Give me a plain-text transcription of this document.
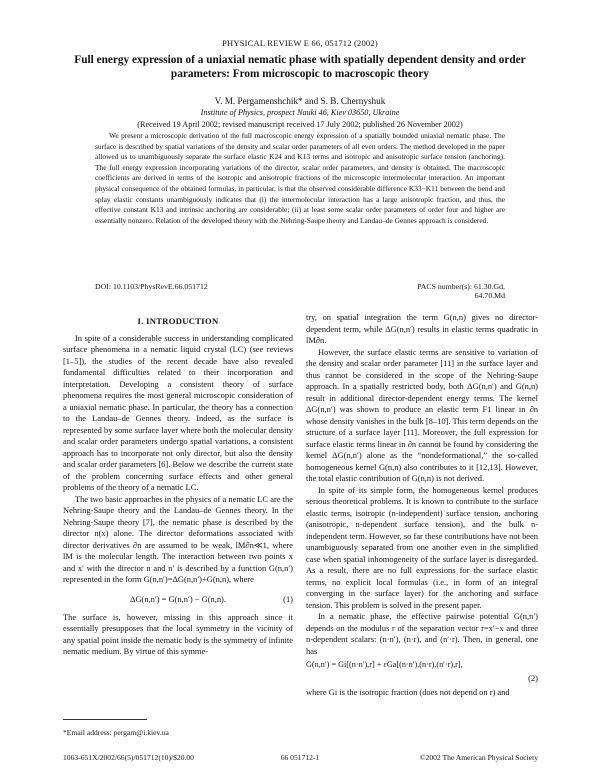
PHYSICAL REVIEW E 66, 051712 (2002)
Full energy expression of a uniaxial nematic phase with spatially dependent density and order parameters: From microscopic to macroscopic theory
V. M. Pergamenshchik* and S. B. Chernyshuk
Institute of Physics, prospect Nauki 46, Kiev 03650, Ukraine
(Received 19 April 2002; revised manuscript received 17 July 2002; published 26 November 2002)

We present a microscopic derivation of the full macroscopic energy expression of a spatially bounded uniaxial nematic phase. The surface is described by spatial variations of the density and scalar order parameters of all even orders. The method developed in the paper allowed us to unambiguously separate the surface elastic K24 and K13 terms and isotropic and anisotropic surface tension (anchoring). The full energy expression incorporating variations of the director, scalar order parameters, and density is obtained. The macroscopic coefficients are derived in terms of the isotropic and anisotropic fractions of the microscopic intermolecular interaction. An important physical consequence of the obtained formulas, in particular, is that the observed considerable difference K33−K11 between the bend and splay elastic constants unambiguously indicates that (i) the intermolecular interaction has a large anisotropic fraction, and thus, the effective constant K13 and intrinsic anchoring are considerable; (ii) at least some scalar order parameters of order four and higher are essentially nonzero. Relation of the developed theory with the Nehring-Saupe theory and Landau–de Gennes approach is considered.

DOI: 10.1103/PhysRevE.66.051712	PACS number(s): 61.30.Gd, 64.70.Md
I. INTRODUCTION

In spite of a considerable success in understanding complicated surface phenomena in a nematic liquid crystal (LC) (see reviews [1–5]), the studies of the recent decade have also revealed fundamental difficulties related to their incorporation and interpretation. Developing a consistent theory of surface phenomena requires the most general microscopic consideration of a uniaxial nematic phase. In particular, the theory has a connection to the Landau–de Gennes theory. Indeed, as the surface is represented by some surface layer where both the molecular density and scalar order parameters undergo spatial variations, a consistent approach has to incorporate not only director, but also the density and scalar order parameters [6]. Below we describe the current state of the problem concerning surface effects and other general problems of the theory of a nematic LC.

The two basic approaches in the physics of a nematic LC are the Nehring-Saupe theory and the Landau–de Gennes theory. In the Nehring-Saupe theory [7], the nematic phase is described by the director n(x) alone. The director deformations associated with director derivatives ∂n are assumed to be weak, lM∂n≪1, where lM is the molecular length. The interaction between two points x and x′ with the director n and n′ is described by a function G(n,n′) represented in the form G(n,n′)=ΔG(n,n′)+G(n,n), where

ΔG(n,n′) = G(n,n′) − G(n,n).	(1)

The surface is, however, missing in this approach since it essentially presupposes that the local symmetry in the vicinity of any spatial point inside the nematic body is the symmetry of infinite nematic medium. By virtue of this symme-

try, on spatial integration the term G(n,n) gives no director-dependent term, while ΔG(n,n′) results in elastic terms quadratic in lM∂n.

However, the surface elastic terms are sensitive to variation of the density and scalar order parameter [11] in the surface layer and thus cannot be considered in the scope of the Nehring-Saupe approach. In a spatially restricted body, both ΔG(n,n′) and G(n,n) result in additional director-dependent energy terms. The kernel ΔG(n,n′) was shown to produce an elastic term F1 linear in ∂n whose density vanishes in the bulk [8–10]. This term depends on the structure of a surface layer [11]. Moreover, the full expression for surface elastic terms linear in ∂n cannot be found by considering the kernel ΔG(n,n′) alone as the “nondeformational,” the so-called homogeneous kernel G(n,n) also contributes to it [12,13]. However, the total elastic contribution of G(n,n) is not derived.

In spite of its simple form, the homogeneous kernel produces serious theoretical problems. It is known to contribute to the surface elastic terms, isotropic (n-independent) surface tension, anchoring (anisotropic, n-dependent surface tension), and the bulk n-independent term. However, so far these contributions have not been unambiguously separated from one another even in the simplified case when spatial inhomogeneity of the surface layer is disregarded. As a result, there are no full expressions for the surface elastic terms, no explicit local formulas (i.e., in form of an integral converging in the surface layer) for the anchoring and surface tension. This problem is solved in the present paper.

In a nematic phase, the effective pairwise potential G(n,n′) depends on the modulus r of the separation vector r=x′−x and three n-dependent scalars: (n·n′), (n·r), and (n′·r). Then, in general, one has

G(n,n′) = Gi[(n·n′),r] + εGa[(n·n′),(n·r),(n′·r),r],
(2)

where Gi is the isotropic fraction (does not depend on r) and

*Email address: pergam@i.kiev.ua
1063-651X/2002/66(5)/051712(10)/$20.00	66 051712-1	©2002 The American Physical Society
